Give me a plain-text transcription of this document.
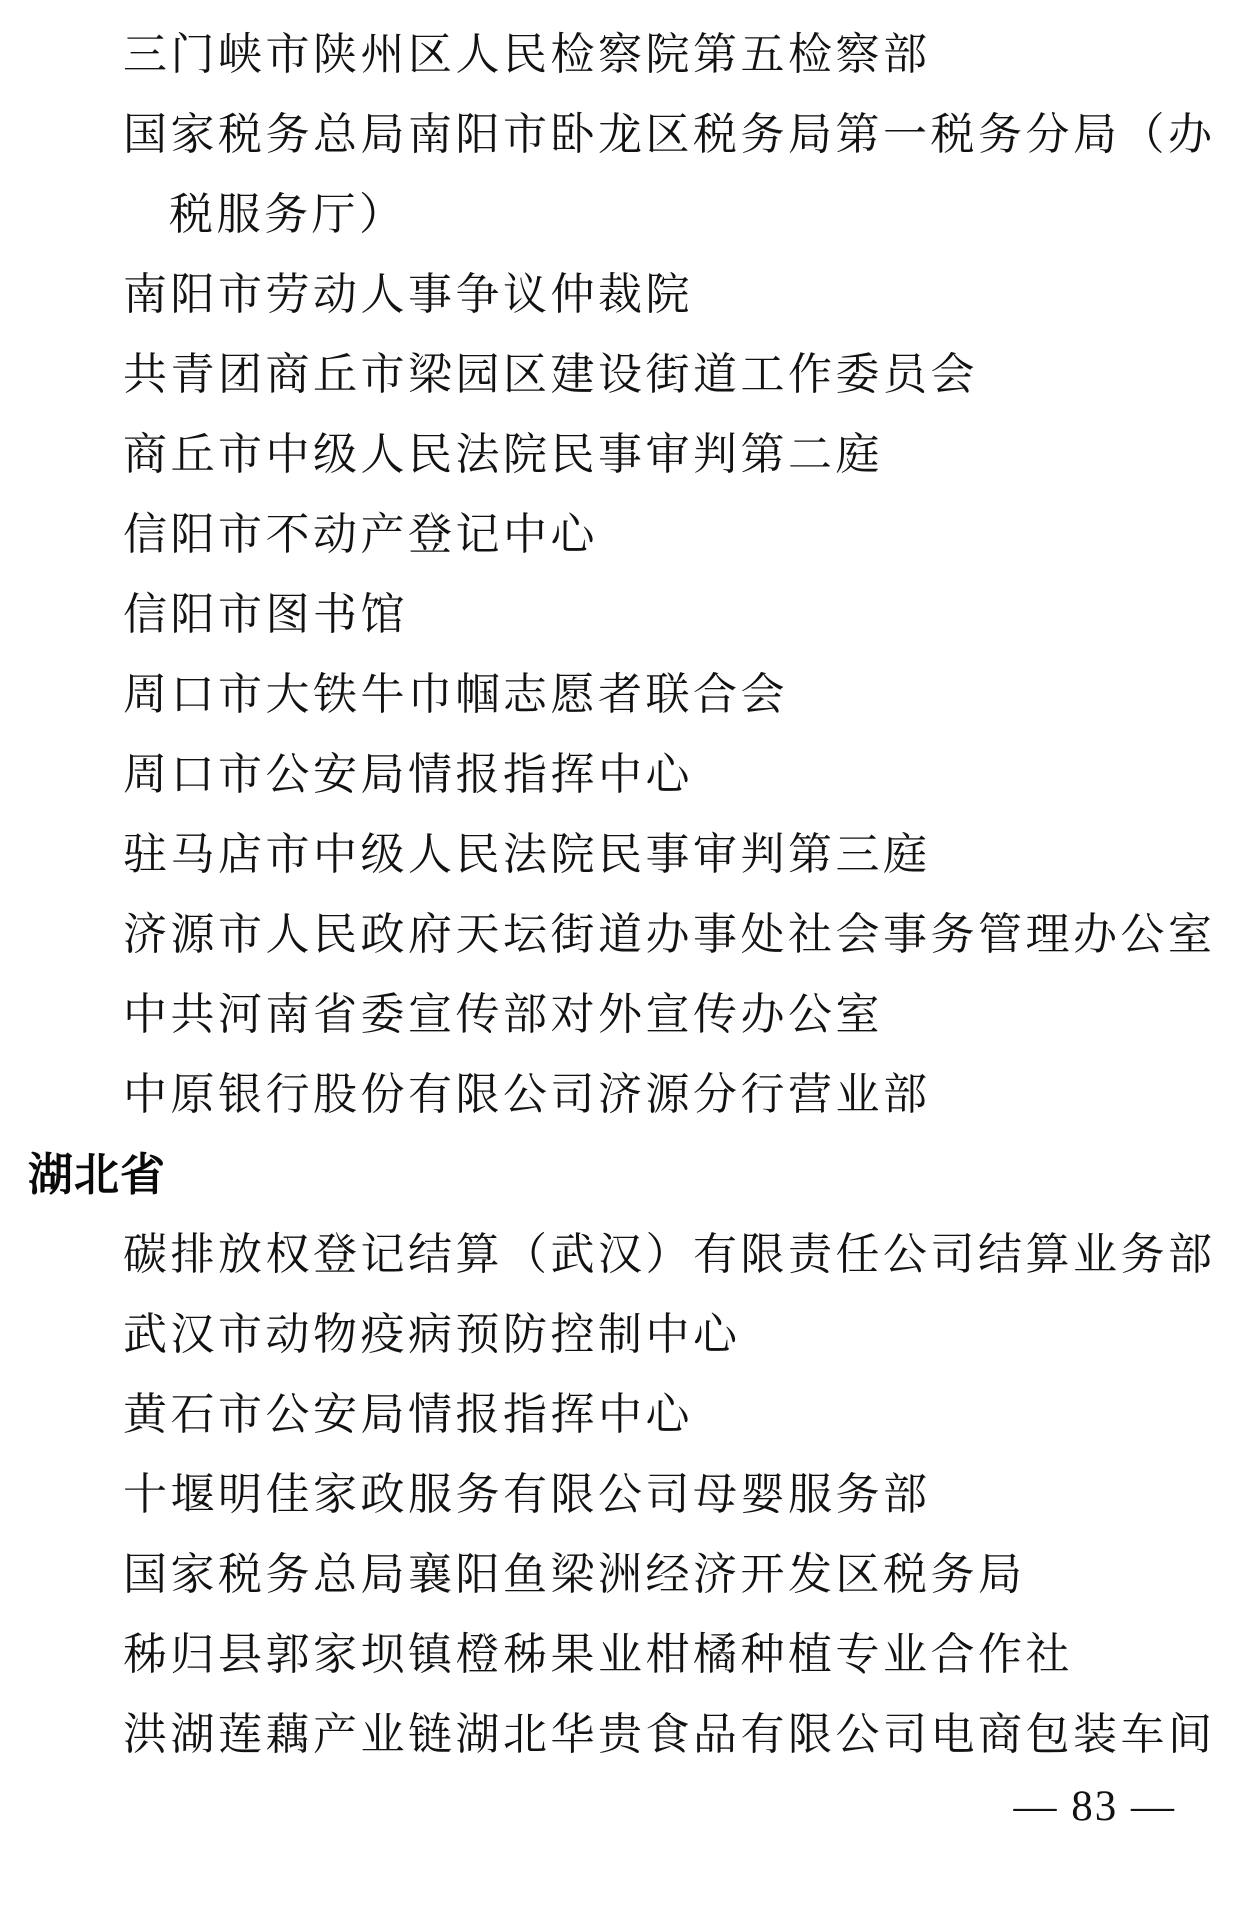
三门峡市陕州区人民检察院第五检察部
国家税务总局南阳市卧龙区税务局第一税务分局（办
税服务厅）
南阳市劳动人事争议仲裁院
共青团商丘市梁园区建设街道工作委员会
商丘市中级人民法院民事审判第二庭
信阳市不动产登记中心
信阳市图书馆
周口市大铁牛巾帼志愿者联合会
周口市公安局情报指挥中心
驻马店市中级人民法院民事审判第三庭
济源市人民政府天坛街道办事处社会事务管理办公室
中共河南省委宣传部对外宣传办公室
中原银行股份有限公司济源分行营业部
湖北省
碳排放权登记结算（武汉）有限责任公司结算业务部
武汉市动物疫病预防控制中心
黄石市公安局情报指挥中心
十堰明佳家政服务有限公司母婴服务部
国家税务总局襄阳鱼梁洲经济开发区税务局
秭归县郭家坝镇橙秭果业柑橘种植专业合作社
洪湖莲藕产业链湖北华贵食品有限公司电商包装车间
— 83 —
